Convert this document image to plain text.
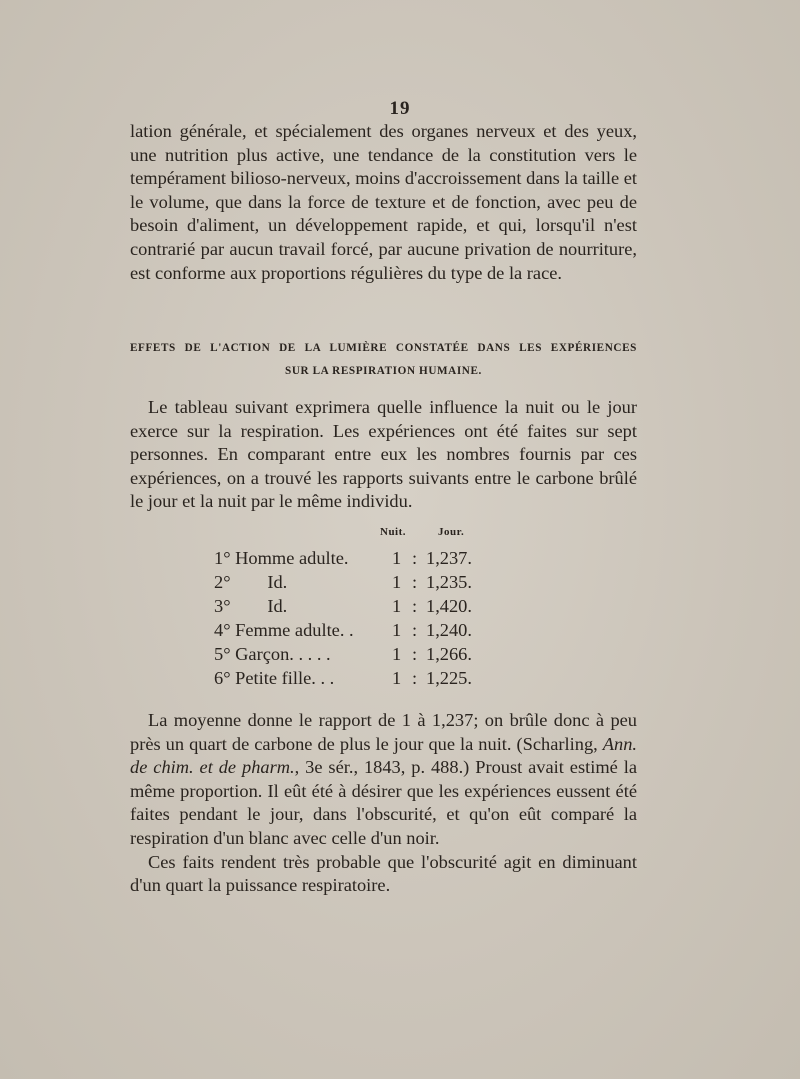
19

lation générale, et spécialement des organes nerveux et des yeux, une nutrition plus active, une tendance de la constitution vers le tempérament bilioso-nerveux, moins d'accroissement dans la taille et le volume, que dans la force de texture et de fonction, avec peu de besoin d'aliment, un développement rapide, et qui, lorsqu'il n'est contrarié par aucun travail forcé, par aucune privation de nourriture, est conforme aux proportions régulières du type de la race.

EFFETS DE L'ACTION DE LA LUMIÈRE CONSTATÉE DANS LES EXPÉRIENCES
SUR LA RESPIRATION HUMAINE.

Le tableau suivant exprimera quelle influence la nuit ou le jour exerce sur la respiration. Les expériences ont été faites sur sept personnes. En comparant entre eux les nombres fournis par ces expériences, on a trouvé les rapports suivants entre le carbone brûlé le jour et la nuit par le même individu.

Nuit.	Jour.
1° Homme adulte. 1 : 1,237.
2°        Id.	1 : 1,235.
3°        Id.	1 : 1,420.
4° Femme adulte. . 1 : 1,240.
5° Garçon. . . . .	1 : 1,266.
6° Petite fille. . .	1 : 1,225.

La moyenne donne le rapport de 1 à 1,237; on brûle donc à peu près un quart de carbone de plus le jour que la nuit. (Scharling, Ann. de chim. et de pharm., 3e sér., 1843, p. 488.) Proust avait estimé la même proportion. Il eût été à désirer que les expériences eussent été faites pendant le jour, dans l'obscurité, et qu'on eût comparé la respiration d'un blanc avec celle d'un noir.

Ces faits rendent très probable que l'obscurité agit en diminuant d'un quart la puissance respiratoire.
